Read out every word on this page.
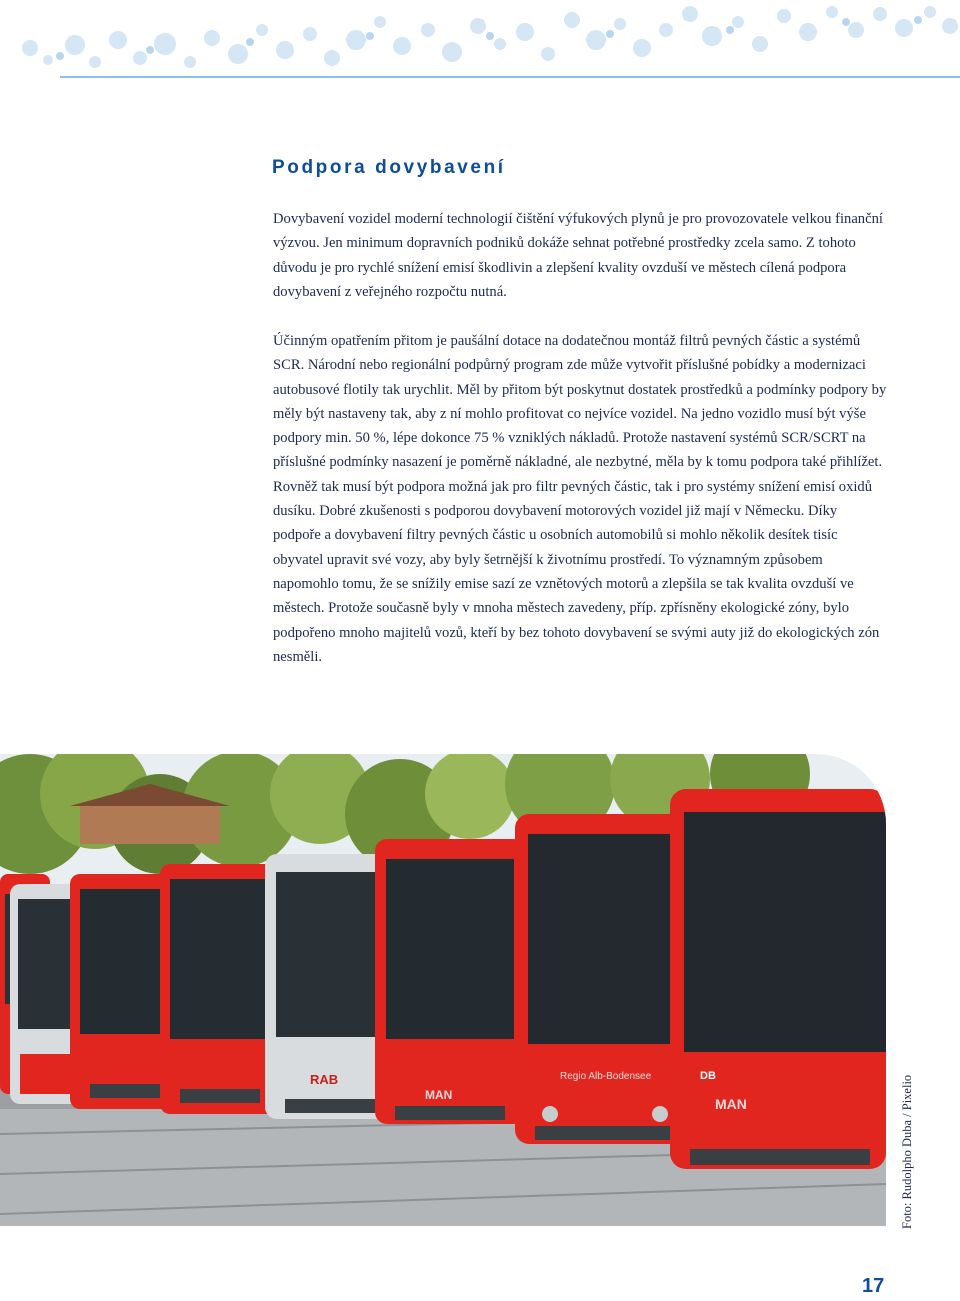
Podpora dovybavení

Dovybavení vozidel moderní technologií čištění výfukových plynů je pro provozovatele velkou finanční výzvou. Jen minimum dopravních podniků dokáže sehnat potřebné prostředky zcela samo. Z tohoto důvodu je pro rychlé snížení emisí škodlivin a zlepšení kvality ovzduší ve městech cílená podpora dovybavení z veřejného rozpočtu nutná.

Účinným opatřením přitom je paušální dotace na dodatečnou montáž filtrů pevných částic a systémů SCR. Národní nebo regionální podpůrný program zde může vytvořit příslušné pobídky a modernizaci autobusové flotily tak urychlit. Měl by přitom být poskytnut dostatek prostředků a podmínky podpory by měly být nastaveny tak, aby z ní mohlo profitovat co nejvíce vozidel. Na jedno vozidlo musí být výše podpory min. 50 %, lépe dokonce 75 % vzniklých nákladů. Protože nastavení systémů SCR/SCRT na příslušné podmínky nasazení je poměrně nákladné, ale nezbytné, měla by k tomu podpora také přihlížet. Rovněž tak musí být podpora možná jak pro filtr pevných částic, tak i pro systémy snížení emisí oxidů dusíku. Dobré zkušenosti s podporou dovybavení motorových vozidel již mají v Německu. Díky podpoře a dovybavení filtry pevných částic u osobních automobilů si mohlo několik desítek tisíc obyvatel upravit své vozy, aby byly šetrnější k životnímu prostředí. To významným způsobem napomohlo tomu, že se snížily emise sazí ze vznětových motorů a zlepšila se tak kvalita ovzduší ve městech. Protože současně byly v mnoha městech zavedeny, příp. zpřísněny ekologické zóny, bylo podpořeno mnoho majitelů vozů, kteří by bez tohoto dovybavení se svými auty již do ekologických zón nesměli.

RAB
MAN
Regio Alb-Bodensee	DB
MAN	Foto: Rudolpho Duba / Pixelio
17
